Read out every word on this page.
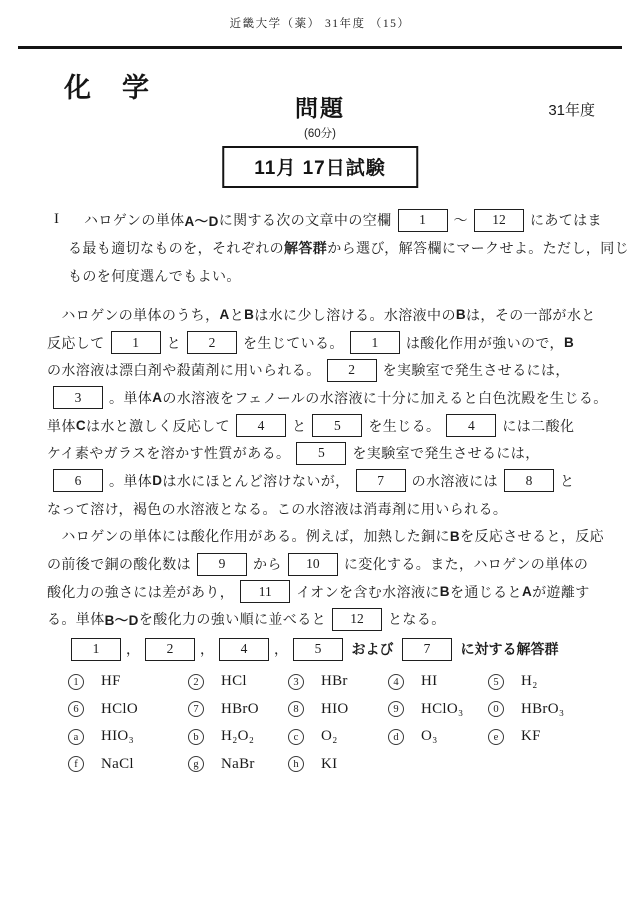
近畿大学（薬） 31年度 （15）
化　学
問題	31年度
(60分)
11月 17日試験
I ハロゲンの単体 A～D に関する次の文章中の空欄	1	～	12	にあてはま
る最も適切なものを，それぞれの 解答群 から選び，解答欄にマークせよ。ただし，同じ
ものを何度選んでもよい。
　ハロゲンの単体のうち， A と B は水に少し溶ける。水溶液中の B は，その一部が水と
反応して	1	と	2	を生じている。	1	は酸化作用が強いので， B
の水溶液は漂白剤や殺菌剤に用いられる。	2	を実験室で発生させるには，
3	。単体 A の水溶液をフェノールの水溶液に十分に加えると白色沈殿を生じる。
単体 C は水と激しく反応して	4	と	5	を生じる。	4	には二酸化
ケイ素やガラスを溶かす性質がある。	5	を実験室で発生させるには，
6	。単体 D は水にほとんど溶けないが，	7	の水溶液には	8	と
なって溶け，褐色の水溶液となる。この水溶液は消毒剤に用いられる。
　ハロゲンの単体には酸化作用がある。例えば，加熱した銅に B を反応させると，反応
の前後で銅の酸化数は	9	から	10	に変化する。また，ハロゲンの単体の
酸化力の強さには差があり，	11	イオンを含む水溶液に B を通じると A が遊離す
る。単体 B～D を酸化力の強い順に並べると	12	となる。
1	，	2	，	4	，	5
	および
	7
	に対する解答群
1	HF	2	HCl	3	HBr	4	HI	5	H₂
6	HClO	7	HBrO	8	HIO	9	HClO₃	0	HBrO₃
a	HIO₃	b	H₂O₂	c	O₂	d	O₃	e	KF
f	NaCl	g	NaBr	h	KI
